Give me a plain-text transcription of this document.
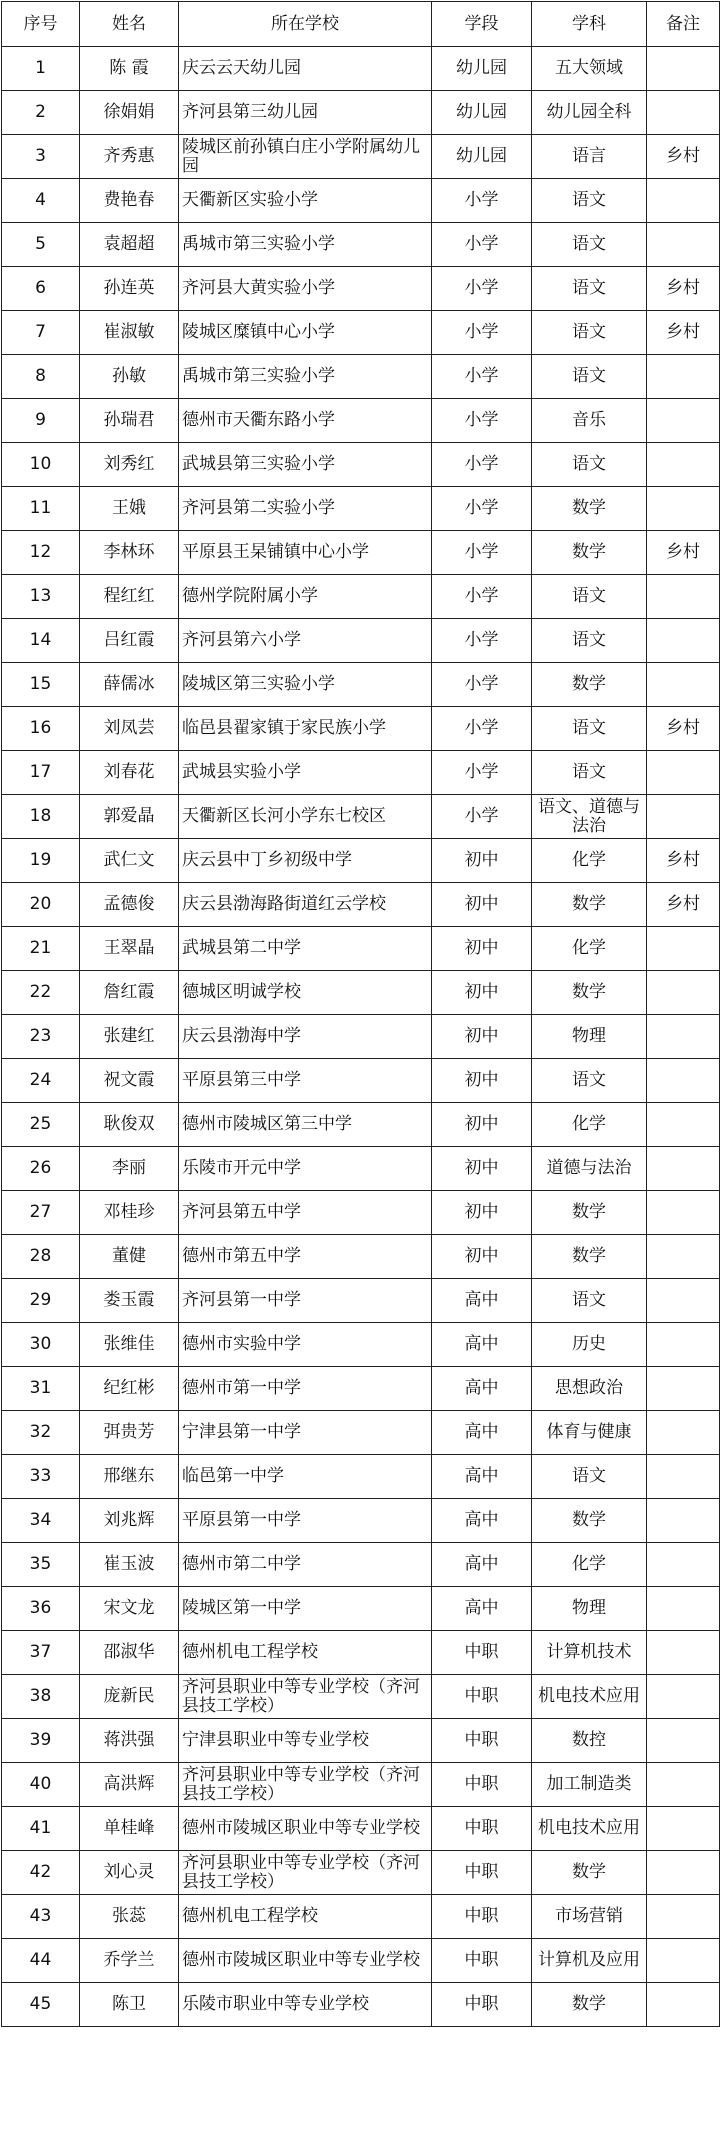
序号	姓名	所在学校	学段	学科	备注
1	陈 霞	庆云云天幼儿园	幼儿园	五大领域	
2	徐娟娟	齐河县第三幼儿园	幼儿园	幼儿园全科	
3	齐秀惠	陵城区前孙镇白庄小学附属幼儿园	幼儿园	语言	乡村
4	费艳春	天衢新区实验小学	小学	语文	
5	袁超超	禹城市第三实验小学	小学	语文	
6	孙连英	齐河县大黄实验小学	小学	语文	乡村
7	崔淑敏	陵城区糜镇中心小学	小学	语文	乡村
8	孙敏	禹城市第三实验小学	小学	语文	
9	孙瑞君	德州市天衢东路小学	小学	音乐	
10	刘秀红	武城县第三实验小学	小学	语文	
11	王娥	齐河县第二实验小学	小学	数学	
12	李林环	平原县王杲铺镇中心小学	小学	数学	乡村
13	程红红	德州学院附属小学	小学	语文	
14	吕红霞	齐河县第六小学	小学	语文	
15	薛儒冰	陵城区第三实验小学	小学	数学	
16	刘凤芸	临邑县翟家镇于家民族小学	小学	语文	乡村
17	刘春花	武城县实验小学	小学	语文	
18	郭爱晶	天衢新区长河小学东七校区	小学	语文、道德与法治	
19	武仁文	庆云县中丁乡初级中学	初中	化学	乡村
20	孟德俊	庆云县渤海路街道红云学校	初中	数学	乡村
21	王翠晶	武城县第二中学	初中	化学	
22	詹红霞	德城区明诚学校	初中	数学	
23	张建红	庆云县渤海中学	初中	物理	
24	祝文霞	平原县第三中学	初中	语文	
25	耿俊双	德州市陵城区第三中学	初中	化学	
26	李丽	乐陵市开元中学	初中	道德与法治	
27	邓桂珍	齐河县第五中学	初中	数学	
28	董健	德州市第五中学	初中	数学	
29	娄玉霞	齐河县第一中学	高中	语文	
30	张维佳	德州市实验中学	高中	历史	
31	纪红彬	德州市第一中学	高中	思想政治	
32	弭贵芳	宁津县第一中学	高中	体育与健康	
33	邢继东	临邑第一中学	高中	语文	
34	刘兆辉	平原县第一中学	高中	数学	
35	崔玉波	德州市第二中学	高中	化学	
36	宋文龙	陵城区第一中学	高中	物理	
37	邵淑华	德州机电工程学校	中职	计算机技术	
38	庞新民	齐河县职业中等专业学校（齐河县技工学校）	中职	机电技术应用	
39	蒋洪强	宁津县职业中等专业学校	中职	数控	
40	高洪辉	齐河县职业中等专业学校（齐河县技工学校）	中职	加工制造类	
41	单桂峰	德州市陵城区职业中等专业学校	中职	机电技术应用	
42	刘心灵	齐河县职业中等专业学校（齐河县技工学校）	中职	数学	
43	张蕊	德州机电工程学校	中职	市场营销	
44	乔学兰	德州市陵城区职业中等专业学校	中职	计算机及应用	
45	陈卫	乐陵市职业中等专业学校	中职	数学	
